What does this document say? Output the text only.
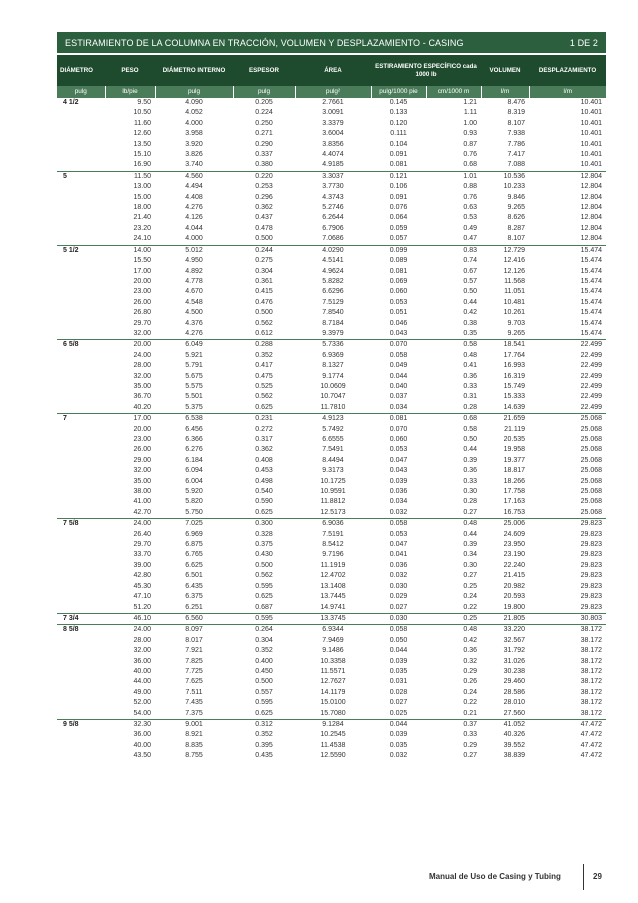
ESTIRAMIENTO DE LA COLUMNA EN TRACCIÓN, VOLUMEN Y DESPLAZAMIENTO - CASING	1 DE 2
DIÁMETRO	PESO	DIÁMETRO INTERNO	ESPESOR	ÁREA	ESTIRAMIENTO ESPECÍFICO cada 1000 lb		VOLUMEN	DESPLAZAMIENTO
pulg	lb/pie	pulg	pulg	pulg²	pulg/1000 pie	cm/1000 m	l/m	l/m
4 1/2	9.50	4.090	0.205	2.7661	0.145	1.21	8.476	10.401
	10.50	4.052	0.224	3.0091	0.133	1.11	8.319	10.401
	11.60	4.000	0.250	3.3379	0.120	1.00	8.107	10.401
	12.60	3.958	0.271	3.6004	0.111	0.93	7.938	10.401
	13.50	3.920	0.290	3.8356	0.104	0.87	7.786	10.401
	15.10	3.826	0.337	4.4074	0.091	0.76	7.417	10.401
	16.90	3.740	0.380	4.9185	0.081	0.68	7.088	10.401
5	11.50	4.560	0.220	3.3037	0.121	1.01	10.536	12.804
	13.00	4.494	0.253	3.7730	0.106	0.88	10.233	12.804
	15.00	4.408	0.296	4.3743	0.091	0.76	9.846	12.804
	18.00	4.276	0.362	5.2746	0.076	0.63	9.265	12.804
	21.40	4.126	0.437	6.2644	0.064	0.53	8.626	12.804
	23.20	4.044	0.478	6.7906	0.059	0.49	8.287	12.804
	24.10	4.000	0.500	7.0686	0.057	0.47	8.107	12.804
5 1/2	14.00	5.012	0.244	4.0290	0.099	0.83	12.729	15.474
	15.50	4.950	0.275	4.5141	0.089	0.74	12.416	15.474
	17.00	4.892	0.304	4.9624	0.081	0.67	12.126	15.474
	20.00	4.778	0.361	5.8282	0.069	0.57	11.568	15.474
	23.00	4.670	0.415	6.6296	0.060	0.50	11.051	15.474
	26.00	4.548	0.476	7.5129	0.053	0.44	10.481	15.474
	26.80	4.500	0.500	7.8540	0.051	0.42	10.261	15.474
	29.70	4.376	0.562	8.7184	0.046	0.38	9.703	15.474
	32.00	4.276	0.612	9.3979	0.043	0.35	9.265	15.474
6 5/8	20.00	6.049	0.288	5.7336	0.070	0.58	18.541	22.499
	24.00	5.921	0.352	6.9369	0.058	0.48	17.764	22.499
	28.00	5.791	0.417	8.1327	0.049	0.41	16.993	22.499
	32.00	5.675	0.475	9.1774	0.044	0.36	16.319	22.499
	35.00	5.575	0.525	10.0609	0.040	0.33	15.749	22.499
	36.70	5.501	0.562	10.7047	0.037	0.31	15.333	22.499
	40.20	5.375	0.625	11.7810	0.034	0.28	14.639	22.499
7	17.00	6.538	0.231	4.9123	0.081	0.68	21.659	25.068
	20.00	6.456	0.272	5.7492	0.070	0.58	21.119	25.068
	23.00	6.366	0.317	6.6555	0.060	0.50	20.535	25.068
	26.00	6.276	0.362	7.5491	0.053	0.44	19.958	25.068
	29.00	6.184	0.408	8.4494	0.047	0.39	19.377	25.068
	32.00	6.094	0.453	9.3173	0.043	0.36	18.817	25.068
	35.00	6.004	0.498	10.1725	0.039	0.33	18.266	25.068
	38.00	5.920	0.540	10.9591	0.036	0.30	17.758	25.068
	41.00	5.820	0.590	11.8812	0.034	0.28	17.163	25.068
	42.70	5.750	0.625	12.5173	0.032	0.27	16.753	25.068
7 5/8	24.00	7.025	0.300	6.9036	0.058	0.48	25.006	29.823
	26.40	6.969	0.328	7.5191	0.053	0.44	24.609	29.823
	29.70	6.875	0.375	8.5412	0.047	0.39	23.950	29.823
	33.70	6.765	0.430	9.7196	0.041	0.34	23.190	29.823
	39.00	6.625	0.500	11.1919	0.036	0.30	22.240	29.823
	42.80	6.501	0.562	12.4702	0.032	0.27	21.415	29.823
	45.30	6.435	0.595	13.1408	0.030	0.25	20.982	29.823
	47.10	6.375	0.625	13.7445	0.029	0.24	20.593	29.823
	51.20	6.251	0.687	14.9741	0.027	0.22	19.800	29.823
7 3/4	46.10	6.560	0.595	13.3745	0.030	0.25	21.805	30.803
8 5/8	24.00	8.097	0.264	6.9344	0.058	0.48	33.220	38.172
	28.00	8.017	0.304	7.9469	0.050	0.42	32.567	38.172
	32.00	7.921	0.352	9.1486	0.044	0.36	31.792	38.172
	36.00	7.825	0.400	10.3358	0.039	0.32	31.026	38.172
	40.00	7.725	0.450	11.5571	0.035	0.29	30.238	38.172
	44.00	7.625	0.500	12.7627	0.031	0.26	29.460	38.172
	49.00	7.511	0.557	14.1179	0.028	0.24	28.586	38.172
	52.00	7.435	0.595	15.0100	0.027	0.22	28.010	38.172
	54.00	7.375	0.625	15.7080	0.025	0.21	27.560	38.172
9 5/8	32.30	9.001	0.312	9.1284	0.044	0.37	41.052	47.472
	36.00	8.921	0.352	10.2545	0.039	0.33	40.326	47.472
	40.00	8.835	0.395	11.4538	0.035	0.29	39.552	47.472
	43.50	8.755	0.435	12.5590	0.032	0.27	38.839	47.472
Manual de Uso de Casing y Tubing	29
